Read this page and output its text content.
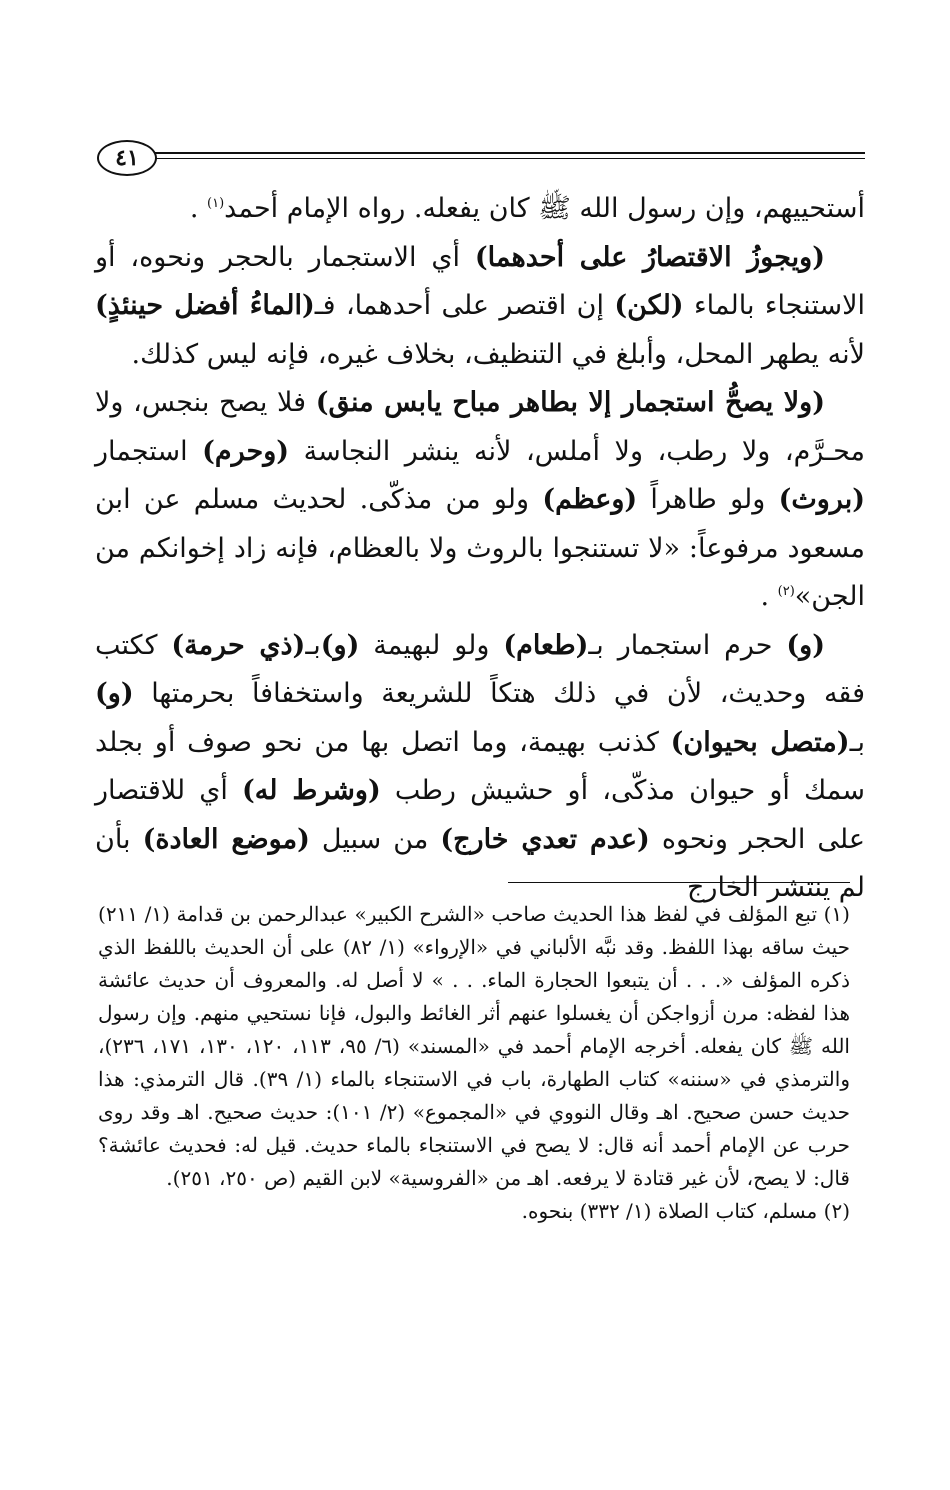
٤١

أستحييهم، وإن رسول الله ﷺ كان يفعله. رواه الإمام أحمد$^{(١)}$ .

(ويجوزُ الاقتصارُ على أحدهما) أي الاستجمار بالحجر ونحوه، أو الاستنجاء بالماء (لكن) إن اقتصر على أحدهما، فـ(الماءُ أفضل حينئذٍ) لأنه يطهر المحل، وأبلغ في التنظيف، بخلاف غيره، فإنه ليس كذلك.

(ولا يصحُّ استجمار إلا بطاهر مباح يابس منق) فلا يصح بنجس، ولا محـرَّم، ولا رطب، ولا أملس، لأنه ينشر النجاسة (وحرم) استجمار (بروث) ولو طاهراً (وعظم) ولو من مذكّى. لحديث مسلم عن ابن مسعود مرفوعاً: «لا تستنجوا بالروث ولا بالعظام، فإنه زاد إخوانكم من الجن»$^{(٢)}$ .

(و) حرم استجمار بـ(طعام) ولو لبهيمة (و)بـ(ذي حرمة) ككتب فقه وحديث، لأن في ذلك هتكاً للشريعة واستخفافاً بحرمتها (و) بـ(متصل بحيوان) كذنب بهيمة، وما اتصل بها من نحو صوف أو بجلد سمك أو حيوان مذكّى، أو حشيش رطب (وشرط له) أي للاقتصار على الحجر ونحوه (عدم تعدي خارج) من سبيل (موضع العادة) بأن لم ينتشر الخارج

(١) تبع المؤلف في لفظ هذا الحديث صاحب «الشرح الكبير» عبدالرحمن بن قدامة (١/ ٢١١) حيث ساقه بهذا اللفظ. وقد نبَّه الألباني في «الإرواء» (١/ ٨٢) على أن الحديث باللفظ الذي ذكره المؤلف «. . . أن يتبعوا الحجارة الماء. . . » لا أصل له. والمعروف أن حديث عائشة هذا لفظه: مرن أزواجكن أن يغسلوا عنهم أثر الغائط والبول، فإنا نستحيي منهم. وإن رسول الله ﷺ كان يفعله. أخرجه الإمام أحمد في «المسند» (٦/ ٩٥، ١١٣، ١٢٠، ١٣٠، ١٧١، ٢٣٦)، والترمذي في «سننه» كتاب الطهارة، باب في الاستنجاء بالماء (١/ ٣٩). قال الترمذي: هذا حديث حسن صحيح. اهـ وقال النووي في «المجموع» (٢/ ١٠١): حديث صحيح. اهـ وقد روى حرب عن الإمام أحمد أنه قال: لا يصح في الاستنجاء بالماء حديث. قيل له: فحديث عائشة؟ قال: لا يصح، لأن غير قتادة لا يرفعه. اهـ من «الفروسية» لابن القيم (ص ٢٥٠، ٢٥١).

(٢) مسلم، كتاب الصلاة (١/ ٣٣٢) بنحوه.
